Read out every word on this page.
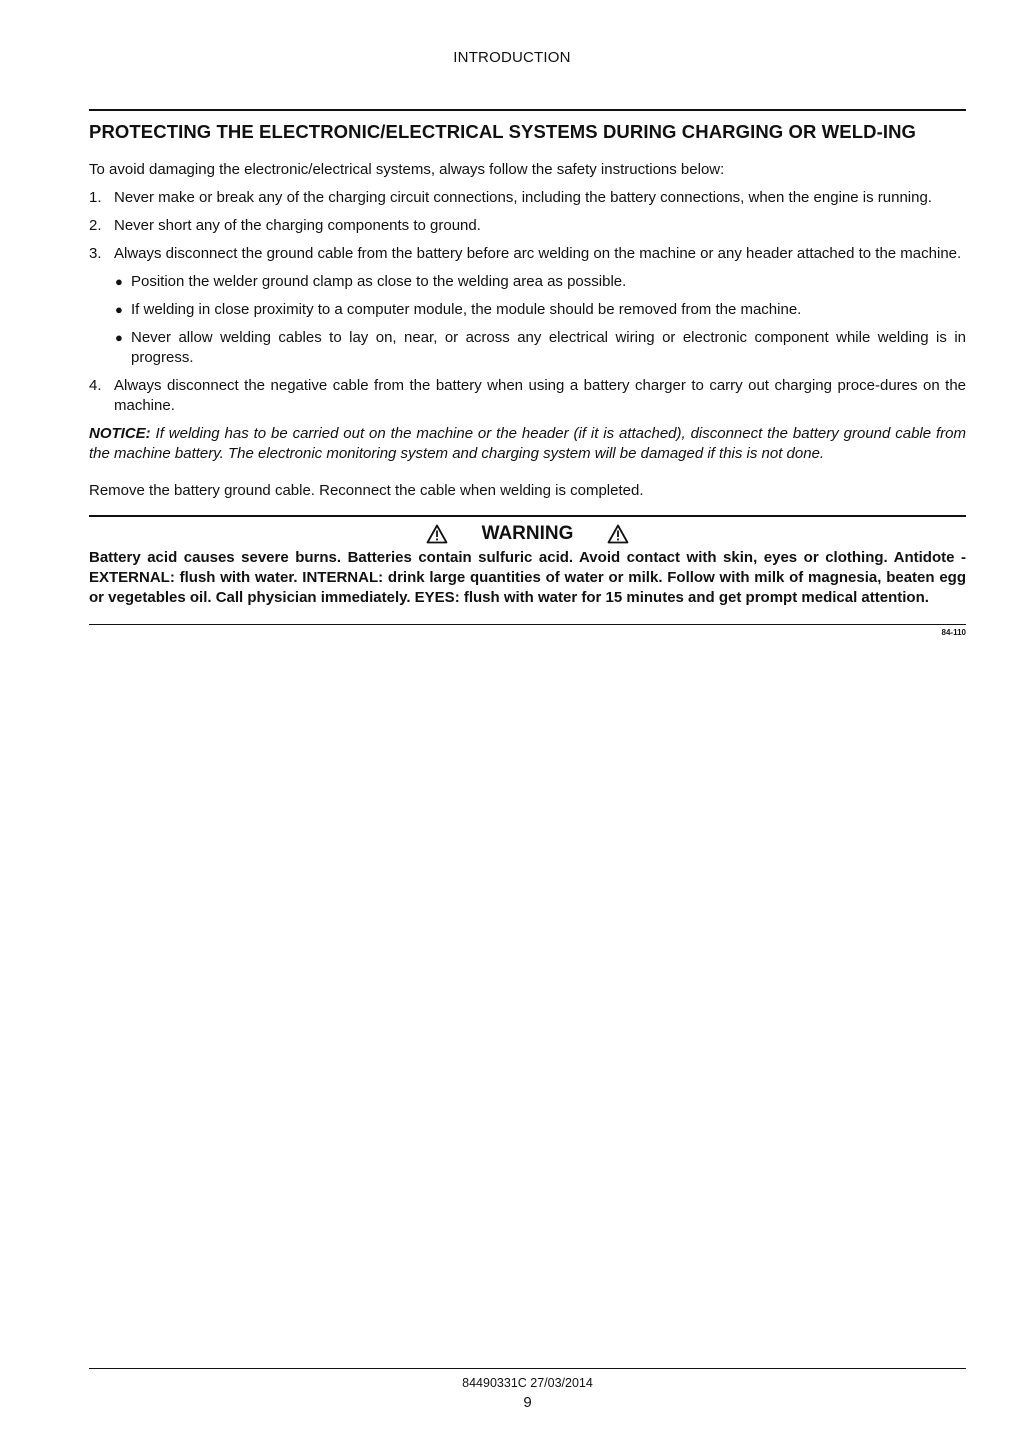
INTRODUCTION
PROTECTING THE ELECTRONIC/ELECTRICAL SYSTEMS DURING CHARGING OR WELD-ING

To avoid damaging the electronic/electrical systems, always follow the safety instructions below:

1. Never make or break any of the charging circuit connections, including the battery connections, when the engine is running.
2. Never short any of the charging components to ground.
3. Always disconnect the ground cable from the battery before arc welding on the machine or any header attached to the machine.
● Position the welder ground clamp as close to the welding area as possible.
● If welding in close proximity to a computer module, the module should be removed from the machine.
● Never allow welding cables to lay on, near, or across any electrical wiring or electronic component while welding is in progress.
4. Always disconnect the negative cable from the battery when using a battery charger to carry out charging proce-dures on the machine.

NOTICE: If welding has to be carried out on the machine or the header (if it is attached), disconnect the battery ground cable from the machine battery. The electronic monitoring system and charging system will be damaged if this is not done.

Remove the battery ground cable. Reconnect the cable when welding is completed.

WARNING

Battery acid causes severe burns. Batteries contain sulfuric acid. Avoid contact with skin, eyes or clothing. Antidote - EXTERNAL: flush with water. INTERNAL: drink large quantities of water or milk. Follow with milk of magnesia, beaten egg or vegetables oil. Call physician immediately. EYES: flush with water for 15 minutes and get prompt medical attention.

84-110
84490331C 27/03/2014
9
